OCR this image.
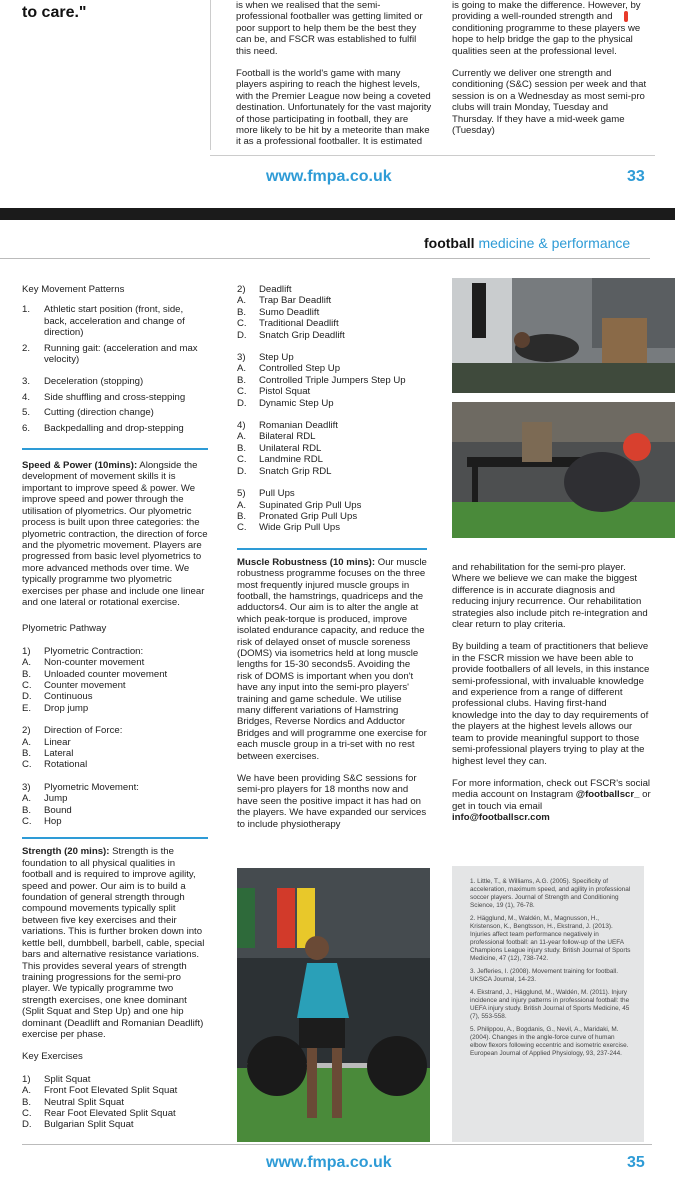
to care."	is when we realised that the semi-professional footballer was getting limited or poor support to help them be the best they can be, and FSCR was established to fulfil this need.

Football is the world's game with many players aspiring to reach the highest levels, with the Premier League now being a coveted destination. Unfortunately for the vast majority of those participating in football, they are more likely to be hit by a meteorite than make it as a professional footballer. It is estimated

is going to make the difference. However, by providing a well-rounded strength and conditioning programme to these players we hope to help bridge the gap to the physical qualities seen at the professional level.

Currently we deliver one strength and conditioning (S&C) session per week and that session is on a Wednesday as most semi-pro clubs will train Monday, Tuesday and Thursday. If they have a mid-week game (Tuesday)

www.fmpa.co.uk	33
football medicine & performance
Key Movement Patterns
1.	Athletic start position (front, side, back, acceleration and change of direction)
2.	Running gait: (acceleration and max velocity)
3.	Deceleration (stopping)
4.	Side shuffling and cross-stepping
5.	Cutting (direction change)
6.	Backpedalling and drop-stepping

Speed & Power (10mins): Alongside the development of movement skills it is important to improve speed & power. We improve speed and power through the utilisation of plyometrics. Our plyometric process is built upon three categories: the plyometric contraction, the direction of force and the plyometric movement. Players are progressed from basic level plyometrics to more advanced methods over time. We typically programme two plyometric exercises per phase and include one linear and one lateral or rotational exercise.

Plyometric Pathway
1)	Plyometric Contraction:
A.	Non-counter movement
B.	Unloaded counter movement
C.	Counter movement
D.	Continuous
E.	Drop jump
2)	Direction of Force:
A.	Linear
B.	Lateral
C.	Rotational
3)	Plyometric Movement:
A.	Jump
B.	Bound
C.	Hop

Strength (20 mins): Strength is the foundation to all physical qualities in football and is required to improve agility, speed and power. Our aim is to build a foundation of general strength through compound movements typically split between five key exercises and their variations. This is further broken down into kettle bell, dumbbell, barbell, cable, special bars and alternative resistance variations. This provides several years of strength training progressions for the semi-pro player. We typically programme two strength exercises, one knee dominant (Split Squat and Step Up) and one hip dominant (Deadlift and Romanian Deadlift) exercise per phase.

Key Exercises
1)	Split Squat
A.	Front Foot Elevated Split Squat
B.	Neutral Split Squat
C.	Rear Foot Elevated Split Squat
D.	Bulgarian Split Squat
2)	Deadlift
A.	Trap Bar Deadlift
B.	Sumo Deadlift
C.	Traditional Deadlift
D.	Snatch Grip Deadlift
3)	Step Up
A.	Controlled Step Up
B.	Controlled Triple Jumpers Step Up
C.	Pistol Squat
D.	Dynamic Step Up
4)	Romanian Deadlift
A.	Bilateral RDL
B.	Unilateral RDL
C.	Landmine RDL
D.	Snatch Grip RDL
5)	Pull Ups
A.	Supinated Grip Pull Ups
B.	Pronated Grip Pull Ups
C.	Wide Grip Pull Ups

Muscle Robustness (10 mins): Our muscle robustness programme focuses on the three most frequently injured muscle groups in football, the hamstrings, quadriceps and the adductors4. Our aim is to alter the angle at which peak-torque is produced, improve isolated endurance capacity, and reduce the risk of delayed onset of muscle soreness (DOMS) via isometrics held at long muscle lengths for 15-30 seconds5. Avoiding the risk of DOMS is important when you don't have any input into the semi-pro players' training and game schedule. We utilise many different variations of Hamstring Bridges, Reverse Nordics and Adductor Bridges and will programme one exercise for each muscle group in a tri-set with no rest between exercises.

We have been providing S&C sessions for semi-pro players for 18 months now and have seen the positive impact it has had on the players. We have expanded our services to include physiotherapy

and rehabilitation for the semi-pro player. Where we believe we can make the biggest difference is in accurate diagnosis and reducing injury recurrence. Our rehabilitation strategies also include pitch re-integration and clear return to play criteria.

By building a team of practitioners that believe in the FSCR mission we have been able to provide footballers of all levels, in this instance semi-professional, with invaluable knowledge and experience from a range of different professional clubs. Having first-hand knowledge into the day to day requirements of the players at the highest levels allows our team to provide meaningful support to those semi-professional players trying to play at the highest level they can.

For more information, check out FSCR's social media account on Instagram @footballscr_ or get in touch via email
info@footballscr.com

1. Little, T., & Williams, A.G. (2005). Specificity of acceleration, maximum speed, and agility in professional soccer players. Journal of Strength and Conditioning Science, 19 (1), 76-78.

2. Hägglund, M., Waldén, M., Magnusson, H., Kristenson, K., Bengtsson, H., Ekstrand, J. (2013). Injuries affect team performance negatively in professional football: an 11-year follow-up of the UEFA Champions League injury study. British Journal of Sports Medicine, 47 (12), 738-742.

3. Jefferies, I. (2008). Movement training for football. UKSCA Journal, 14-23.

4. Ekstrand, J., Hägglund, M., Waldén, M. (2011). Injury incidence and injury patterns in professional football: the UEFA injury study. British Journal of Sports Medicine, 45 (7), 553-558.

5. Philippou, A., Bogdanis, G., Nevil, A., Maridaki, M. (2004). Changes in the angle-force curve of human elbow flexors following eccentric and isometric exercise. European Journal of Applied Physiology, 93, 237-244.

www.fmpa.co.uk	35
